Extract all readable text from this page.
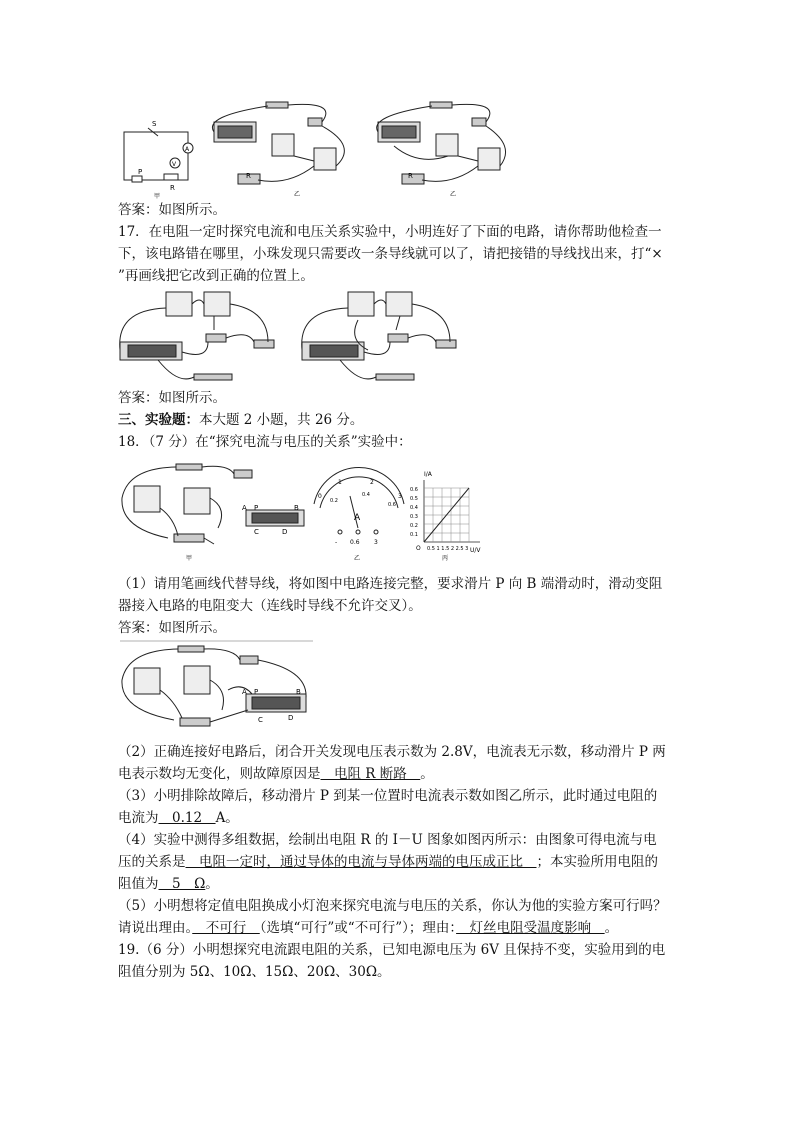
S
A
V
P
R
甲
R
乙
R
乙
答案：如图所示。
17．在电阻一定时探究电流和电压关系实验中，小明连好了下面的电路，请你帮助他检查一
下，该电路错在哪里，小珠发现只需要改一条导线就可以了，请把接错的导线找出来，打“×
”再画线把它改到正确的位置上。
答案：如图所示。
三、实验题：本大题 2 小题，共 26 分。
18．（7 分）在“探究电流与电压的关系”实验中：
A P	B
C	D
甲
0
1	2
3
0.2
0.4
0.6
A
- 0.6 3
乙
I/A
U/V
O
0.6
0.5
0.4
0.3
0.2
0.1
0.5 1 1.5 2 2.5 3
丙
（1）请用笔画线代替导线，将如图中电路连接完整，要求滑片 P 向 B 端滑动时，滑动变阻
器接入电路的电阻变大（连线时导线不允许交叉）。
答案：如图所示。
A P	B
C	D
（2）正确连接好电路后，闭合开关发现电压表示数为 2.8V，电流表无示数，移动滑片 P 两
电表示数均无变化，则故障原因是　电阻 R 断路　。
（3）小明排除故障后，移动滑片 P 到某一位置时电流表示数如图乙所示，此时通过电阻的
电流为　0.12　A。
（4）实验中测得多组数据，绘制出电阻 R 的 I－U 图象如图丙所示：由图象可得电流与电
压的关系是　电阻一定时，通过导体的电流与导体两端的电压成正比　；本实验所用电阻的
阻值为　5　Ω。
（5）小明想将定值电阻换成小灯泡来探究电流与电压的关系，你认为他的实验方案可行吗？
请说出理由。　不可行　（选填“可行”或“不可行”）；理由：　灯丝电阻受温度影响　。
19.（6 分）小明想探究电流跟电阻的关系，已知电源电压为 6V 且保持不变，实验用到的电
阻值分别为 5Ω、10Ω、15Ω、20Ω、30Ω。
